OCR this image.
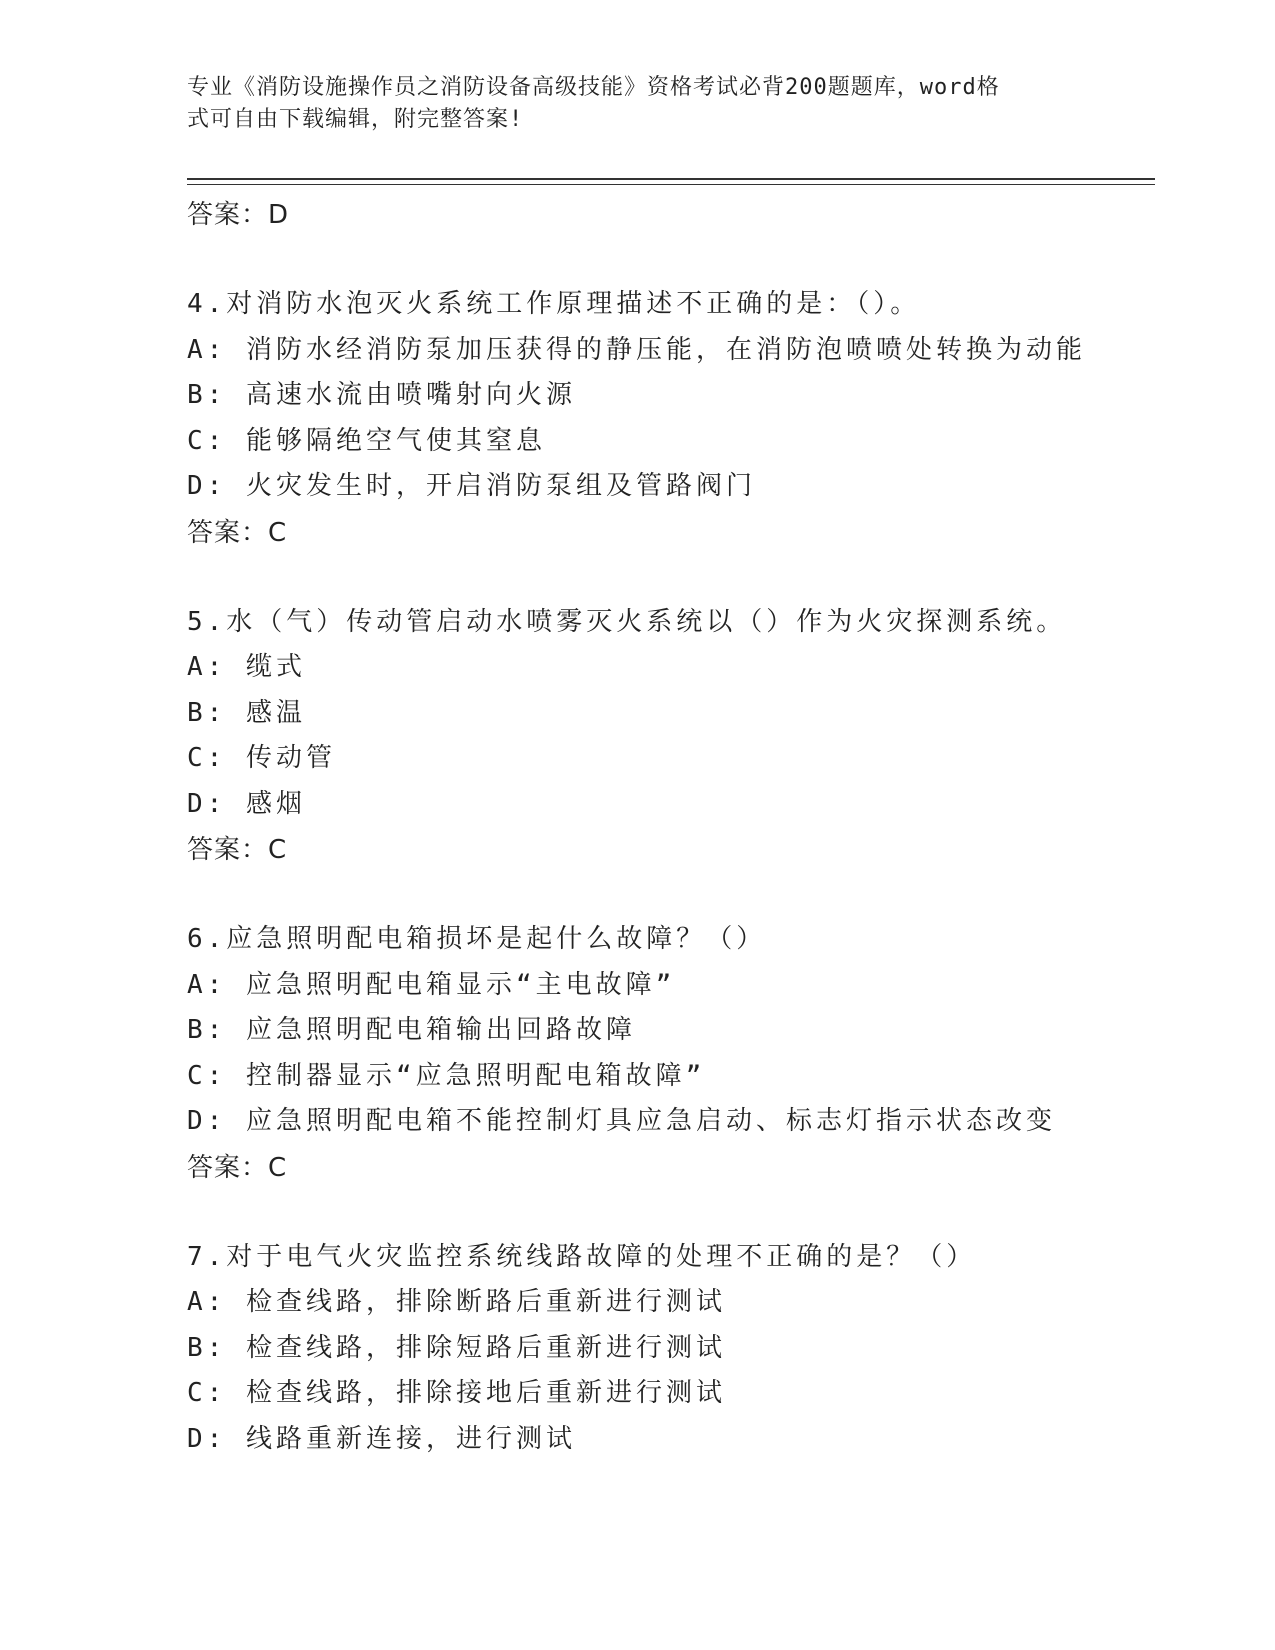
专业《消防设施操作员之消防设备高级技能》资格考试必背200题题库，word格
式可自由下载编辑，附完整答案!
答案：D
4.对消防水泡灭火系统工作原理描述不正确的是：（）。
A: 消防水经消防泵加压获得的静压能，在消防泡喷喷处转换为动能
B: 高速水流由喷嘴射向火源
C: 能够隔绝空气使其窒息
D: 火灾发生时，开启消防泵组及管路阀门
答案：C
5.水（气）传动管启动水喷雾灭火系统以（）作为火灾探测系统。
A: 缆式
B: 感温
C: 传动管
D: 感烟
答案：C
6.应急照明配电箱损坏是起什么故障？（）
A: 应急照明配电箱显示“主电故障”
B: 应急照明配电箱输出回路故障
C: 控制器显示“应急照明配电箱故障”
D: 应急照明配电箱不能控制灯具应急启动、标志灯指示状态改变
答案：C
7.对于电气火灾监控系统线路故障的处理不正确的是？（）
A: 检查线路，排除断路后重新进行测试
B: 检查线路，排除短路后重新进行测试
C: 检查线路，排除接地后重新进行测试
D: 线路重新连接，进行测试
